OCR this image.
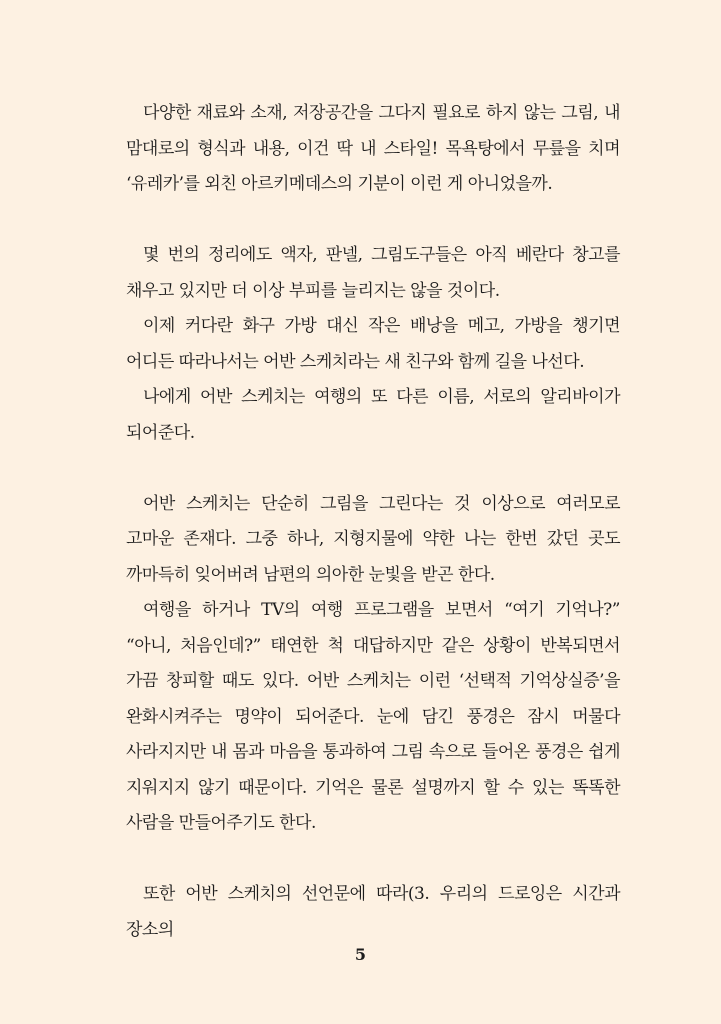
다양한 재료와 소재, 저장공간을 그다지 필요로 하지 않는 그림, 내 맘대로의 형식과 내용, 이건 딱 내 스타일! 목욕탕에서 무릎을 치며 ‘유레카’를 외친 아르키메데스의 기분이 이런 게 아니었을까.

몇 번의 정리에도 액자, 판넬, 그림도구들은 아직 베란다 창고를 채우고 있지만 더 이상 부피를 늘리지는 않을 것이다.

이제 커다란 화구 가방 대신 작은 배낭을 메고, 가방을 챙기면 어디든 따라나서는 어반 스케치라는 새 친구와 함께 길을 나선다.

나에게 어반 스케치는 여행의 또 다른 이름, 서로의 알리바이가 되어준다.

어반 스케치는 단순히 그림을 그린다는 것 이상으로 여러모로 고마운 존재다. 그중 하나, 지형지물에 약한 나는 한번 갔던 곳도 까마득히 잊어버려 남편의 의아한 눈빛을 받곤 한다.

여행을 하거나 TV의 여행 프로그램을 보면서 “여기 기억나?” “아니, 처음인데?” 태연한 척 대답하지만 같은 상황이 반복되면서 가끔 창피할 때도 있다. 어반 스케치는 이런 ‘선택적 기억상실증’을 완화시켜주는 명약이 되어준다. 눈에 담긴 풍경은 잠시 머물다 사라지지만 내 몸과 마음을 통과하여 그림 속으로 들어온 풍경은 쉽게 지워지지 않기 때문이다. 기억은 물론 설명까지 할 수 있는 똑똑한 사람을 만들어주기도 한다.

또한 어반 스케치의 선언문에 따라(3. 우리의 드로잉은 시간과 장소의

5
